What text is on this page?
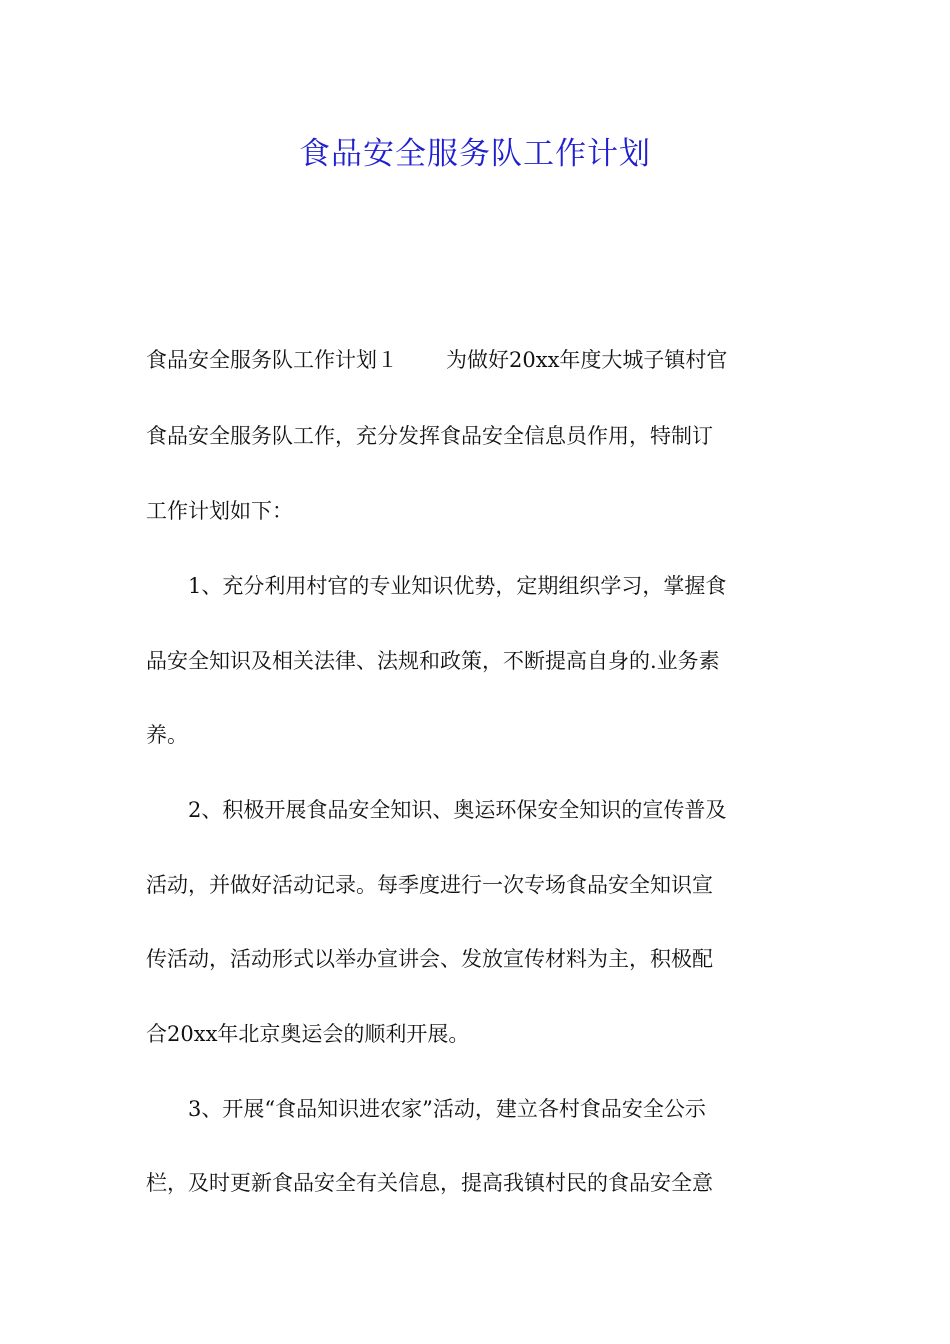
食品安全服务队工作计划
食品安全服务队工作计划１ 为做好20xx年度大城子镇村官
食品安全服务队工作，充分发挥食品安全信息员作用，特制订
工作计划如下：
　　1、充分利用村官的专业知识优势，定期组织学习，掌握食
品安全知识及相关法律、法规和政策，不断提高自身的.业务素
养。
　　2、积极开展食品安全知识、奥运环保安全知识的宣传普及
活动，并做好活动记录。每季度进行一次专场食品安全知识宣
传活动，活动形式以举办宣讲会、发放宣传材料为主，积极配
合20xx年北京奥运会的顺利开展。
　　3、开展“食品知识进农家”活动，建立各村食品安全公示
栏，及时更新食品安全有关信息，提高我镇村民的食品安全意
